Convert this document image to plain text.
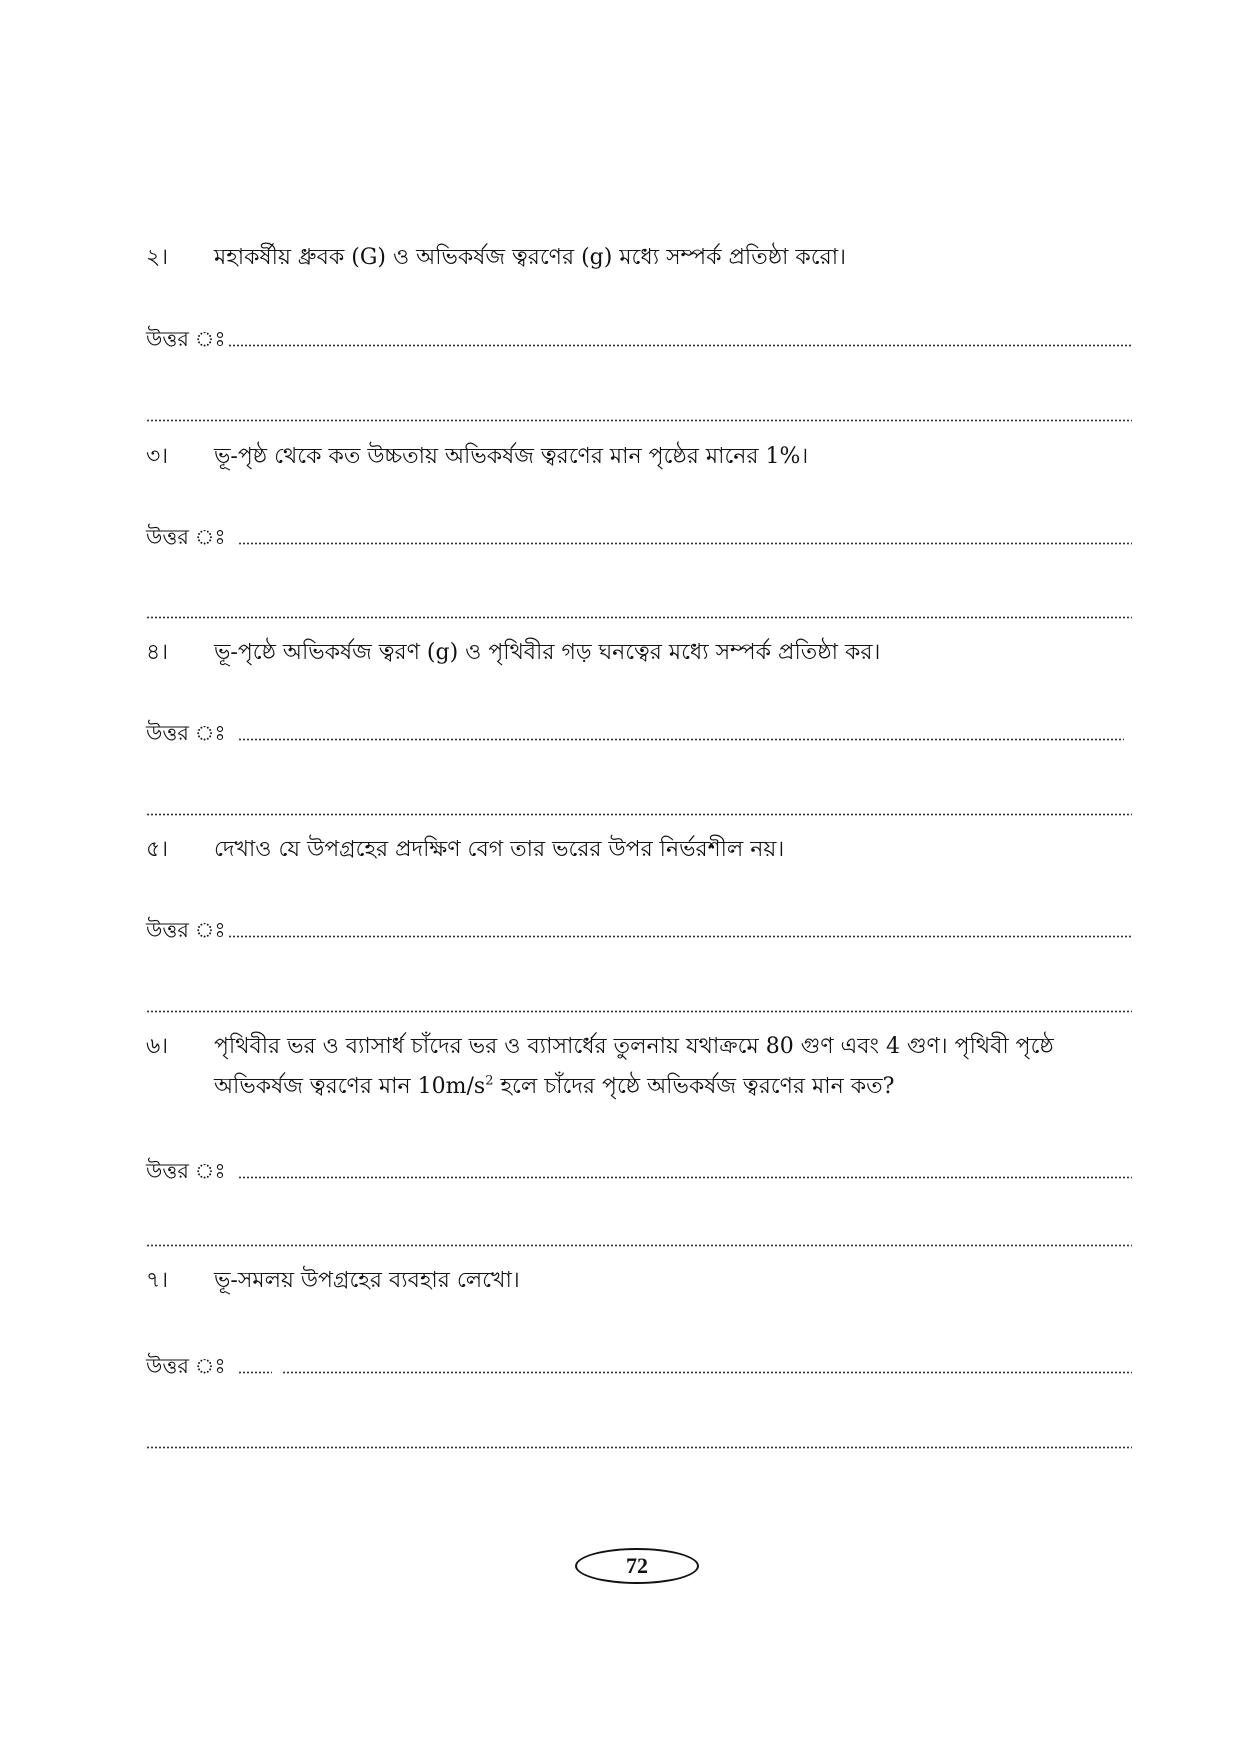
২।	মহাকর্ষীয় ধ্রুবক (G) ও অভিকর্ষজ ত্বরণের (g) মধ্যে সম্পর্ক প্রতিষ্ঠা করো।
উত্তর ঃ
৩।	ভূ-পৃষ্ঠ থেকে কত উচ্চতায় অভিকর্ষজ ত্বরণের মান পৃষ্ঠের মানের 1%।
উত্তর ঃ
৪।	ভূ-পৃষ্ঠে অভিকর্ষজ ত্বরণ (g) ও পৃথিবীর গড় ঘনত্বের মধ্যে সম্পর্ক প্রতিষ্ঠা কর।
উত্তর ঃ
৫।	দেখাও যে উপগ্রহের প্রদক্ষিণ বেগ তার ভরের উপর নির্ভরশীল নয়।
উত্তর ঃ
৬।	পৃথিবীর ভর ও ব্যাসার্ধ চাঁদের ভর ও ব্যাসার্ধের তুলনায় যথাক্রমে 80 গুণ এবং 4 গুণ। পৃথিবী পৃষ্ঠে অভিকর্ষজ ত্বরণের মান $10m/s^2$ হলে চাঁদের পৃষ্ঠে অভিকর্ষজ ত্বরণের মান কত?
উত্তর ঃ
৭।	ভূ-সমলয় উপগ্রহের ব্যবহার লেখো।
উত্তর ঃ
72
